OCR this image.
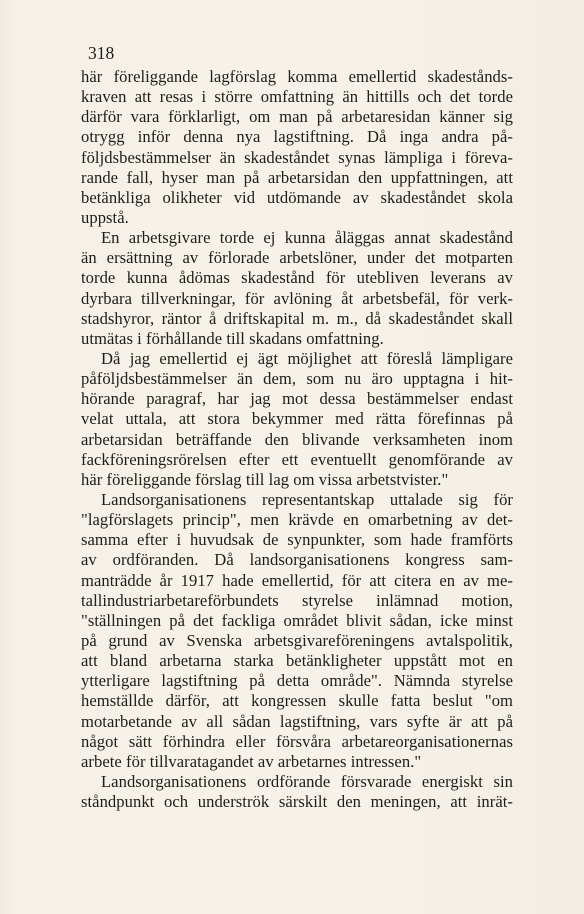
318
här föreliggande lagförslag komma emellertid skadestånds-
kraven att resas i större omfattning än hittills och det torde
därför vara förklarligt, om man på arbetaresidan känner sig
otrygg inför denna nya lagstiftning. Då inga andra på-
följdsbestämmelser än skadeståndet synas lämpliga i föreva-
rande fall, hyser man på arbetarsidan den uppfattningen, att
betänkliga olikheter vid utdömande av skadeståndet skola
uppstå.
En arbetsgivare torde ej kunna åläggas annat skadestånd
än ersättning av förlorade arbetslöner, under det motparten
torde kunna ådömas skadestånd för utebliven leverans av
dyrbara tillverkningar, för avlöning åt arbetsbefäl, för verk-
stadshyror, räntor å driftskapital m. m., då skadeståndet skall
utmätas i förhållande till skadans omfattning.
Då jag emellertid ej ägt möjlighet att föreslå lämpligare
påföljdsbestämmelser än dem, som nu äro upptagna i hit-
hörande paragraf, har jag mot dessa bestämmelser endast
velat uttala, att stora bekymmer med rätta förefinnas på
arbetarsidan beträffande den blivande verksamheten inom
fackföreningsrörelsen efter ett eventuellt genomförande av
här föreliggande förslag till lag om vissa arbetstvister."
Landsorganisationens representantskap uttalade sig för
"lagförslagets princip", men krävde en omarbetning av det-
samma efter i huvudsak de synpunkter, som hade framförts
av ordföranden. Då landsorganisationens kongress sam-
manträdde år 1917 hade emellertid, för att citera en av me-
tallindustriarbetareförbundets styrelse inlämnad motion,
"ställningen på det fackliga området blivit sådan, icke minst
på grund av Svenska arbetsgivareföreningens avtalspolitik,
att bland arbetarna starka betänkligheter uppstått mot en
ytterligare lagstiftning på detta område". Nämnda styrelse
hemställde därför, att kongressen skulle fatta beslut "om
motarbetande av all sådan lagstiftning, vars syfte är att på
något sätt förhindra eller försvåra arbetareorganisationernas
arbete för tillvaratagandet av arbetarnes intressen."
Landsorganisationens ordförande försvarade energiskt sin
ståndpunkt och underströk särskilt den meningen, att inrät-
